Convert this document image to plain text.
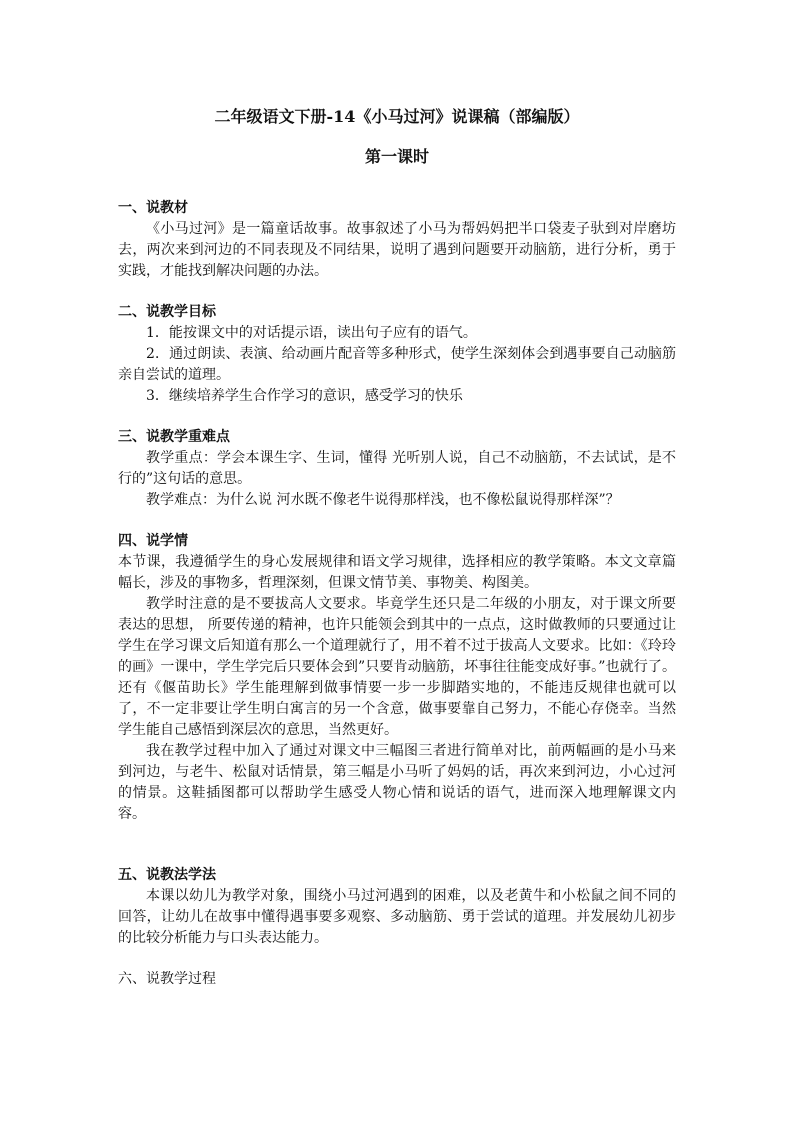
二年级语文下册-14《小马过河》说课稿（部编版）
第一课时
一、说教材

《小马过河》是一篇童话故事。故事叙述了小马为帮妈妈把半口袋麦子驮到对岸磨坊去，两次来到河边的不同表现及不同结果，说明了遇到问题要开动脑筋，进行分析，勇于实践，才能找到解决问题的办法。

二、说教学目标

1．能按课文中的对话提示语，读出句子应有的语气。

2．通过朗读、表演、给动画片配音等多种形式，使学生深刻体会到遇事要自己动脑筋亲自尝试的道理。

3．继续培养学生合作学习的意识，感受学习的快乐

三、说教学重难点

教学重点：学会本课生字、生词，懂得 光听别人说，自己不动脑筋，不去试试，是不行的”这句话的意思。

教学难点：为什么说 河水既不像老牛说得那样浅，也不像松鼠说得那样深”？

四、说学情

本节课，我遵循学生的身心发展规律和语文学习规律，选择相应的教学策略。本文文章篇幅长，涉及的事物多，哲理深刻，但课文情节美、事物美、构图美。

教学时注意的是不要拔高人文要求。毕竟学生还只是二年级的小朋友，对于课文所要表达的思想， 所要传递的精神，也许只能领会到其中的一点点，这时做教师的只要通过让学生在学习课文后知道有那么一个道理就行了，用不着不过于拔高人文要求。比如：《玲玲的画》一课中，学生学完后只要体会到”只要肯动脑筋，坏事往往能变成好事。”也就行了。还有《偃苗助长》学生能理解到做事情要一步一步脚踏实地的，不能违反规律也就可以了，不一定非要让学生明白寓言的另一个含意，做事要靠自己努力，不能心存侥幸。当然学生能自己感悟到深层次的意思，当然更好。

我在教学过程中加入了通过对课文中三幅图三者进行简单对比，前两幅画的是小马来到河边，与老牛、松鼠对话情景，第三幅是小马听了妈妈的话，再次来到河边，小心过河的情景。这鞋插图都可以帮助学生感受人物心情和说话的语气，进而深入地理解课文内容。

五、说教法学法

本课以幼儿为教学对象，围绕小马过河遇到的困难，以及老黄牛和小松鼠之间不同的回答，让幼儿在故事中懂得遇事要多观察、多动脑筋、勇于尝试的道理。并发展幼儿初步的比较分析能力与口头表达能力。

六、说教学过程
